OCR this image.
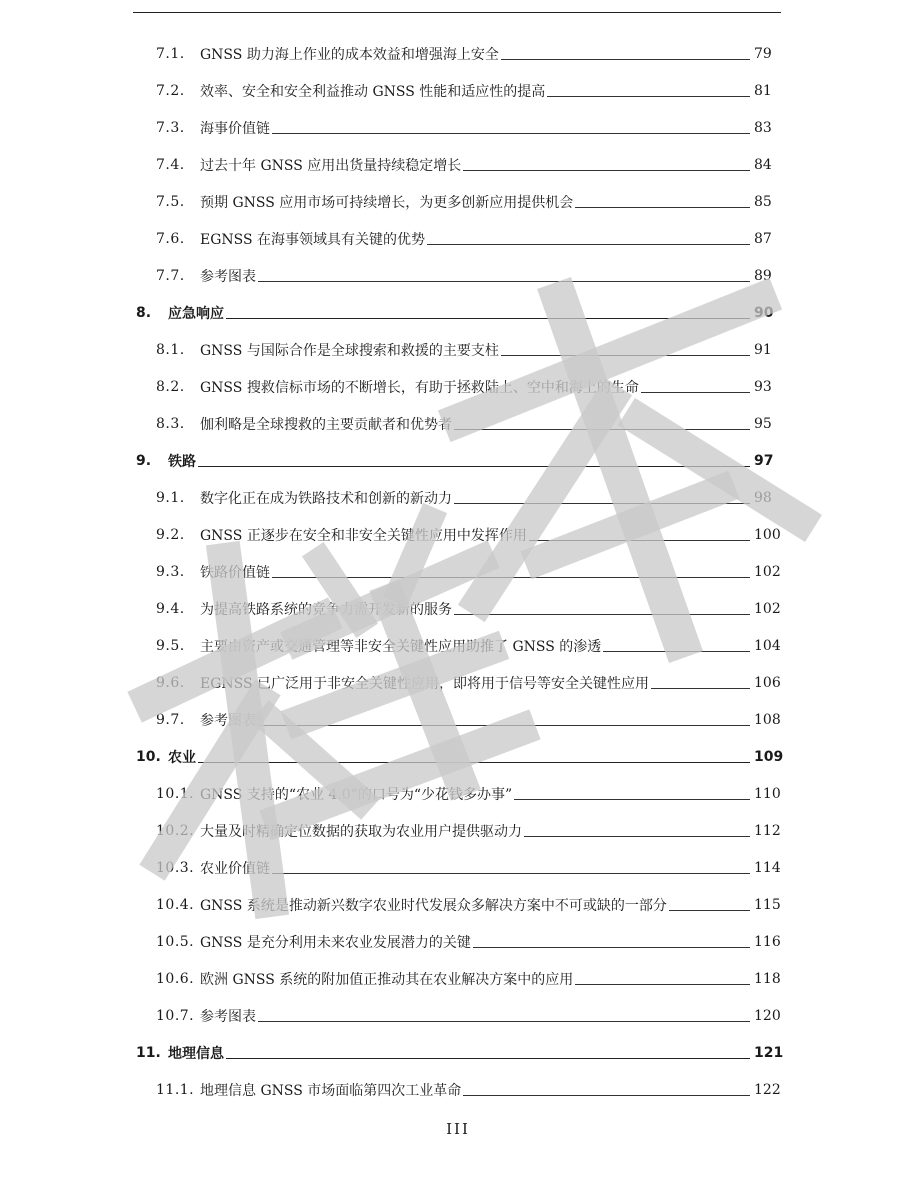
7.1.	GNSS 助力海上作业的成本效益和增强海上安全	79
7.2.	效率、安全和安全利益推动 GNSS 性能和适应性的提高	81
7.3.	海事价值链	83
7.4.	过去十年 GNSS 应用出货量持续稳定增长	84
7.5.	预期 GNSS 应用市场可持续增长，为更多创新应用提供机会	85
7.6.	EGNSS 在海事领域具有关键的优势	87
7.7.	参考图表	89
8.	应急响应	90
8.1.	GNSS 与国际合作是全球搜索和救援的主要支柱	91
8.2.	GNSS 搜救信标市场的不断增长，有助于拯救陆上、空中和海上的生命	93
8.3.	伽利略是全球搜救的主要贡献者和优势者	95
9.	铁路	97
9.1.	数字化正在成为铁路技术和创新的新动力	98
9.2.	GNSS 正逐步在安全和非安全关键性应用中发挥作用	100
9.3.	铁路价值链	102
9.4.	为提高铁路系统的竞争力需开发新的服务	102
9.5.	主要由资产或交通管理等非安全关键性应用助推了 GNSS 的渗透	104
9.6.	EGNSS 已广泛用于非安全关键性应用，即将用于信号等安全关键性应用	106
9.7.	参考图表	108
10. 农业	109
10.1. GNSS 支持的“农业 4.0”的口号为“少花钱多办事”	110
10.2. 大量及时精确定位数据的获取为农业用户提供驱动力	112
10.3. 农业价值链	114
10.4. GNSS 系统是推动新兴数字农业时代发展众多解决方案中不可或缺的一部分	115
10.5. GNSS 是充分利用未来农业发展潜力的关键	116
10.6. 欧洲 GNSS 系统的附加值正推动其在农业解决方案中的应用	118
10.7. 参考图表	120
11. 地理信息	121
11.1. 地理信息 GNSS 市场面临第四次工业革命	122
III
